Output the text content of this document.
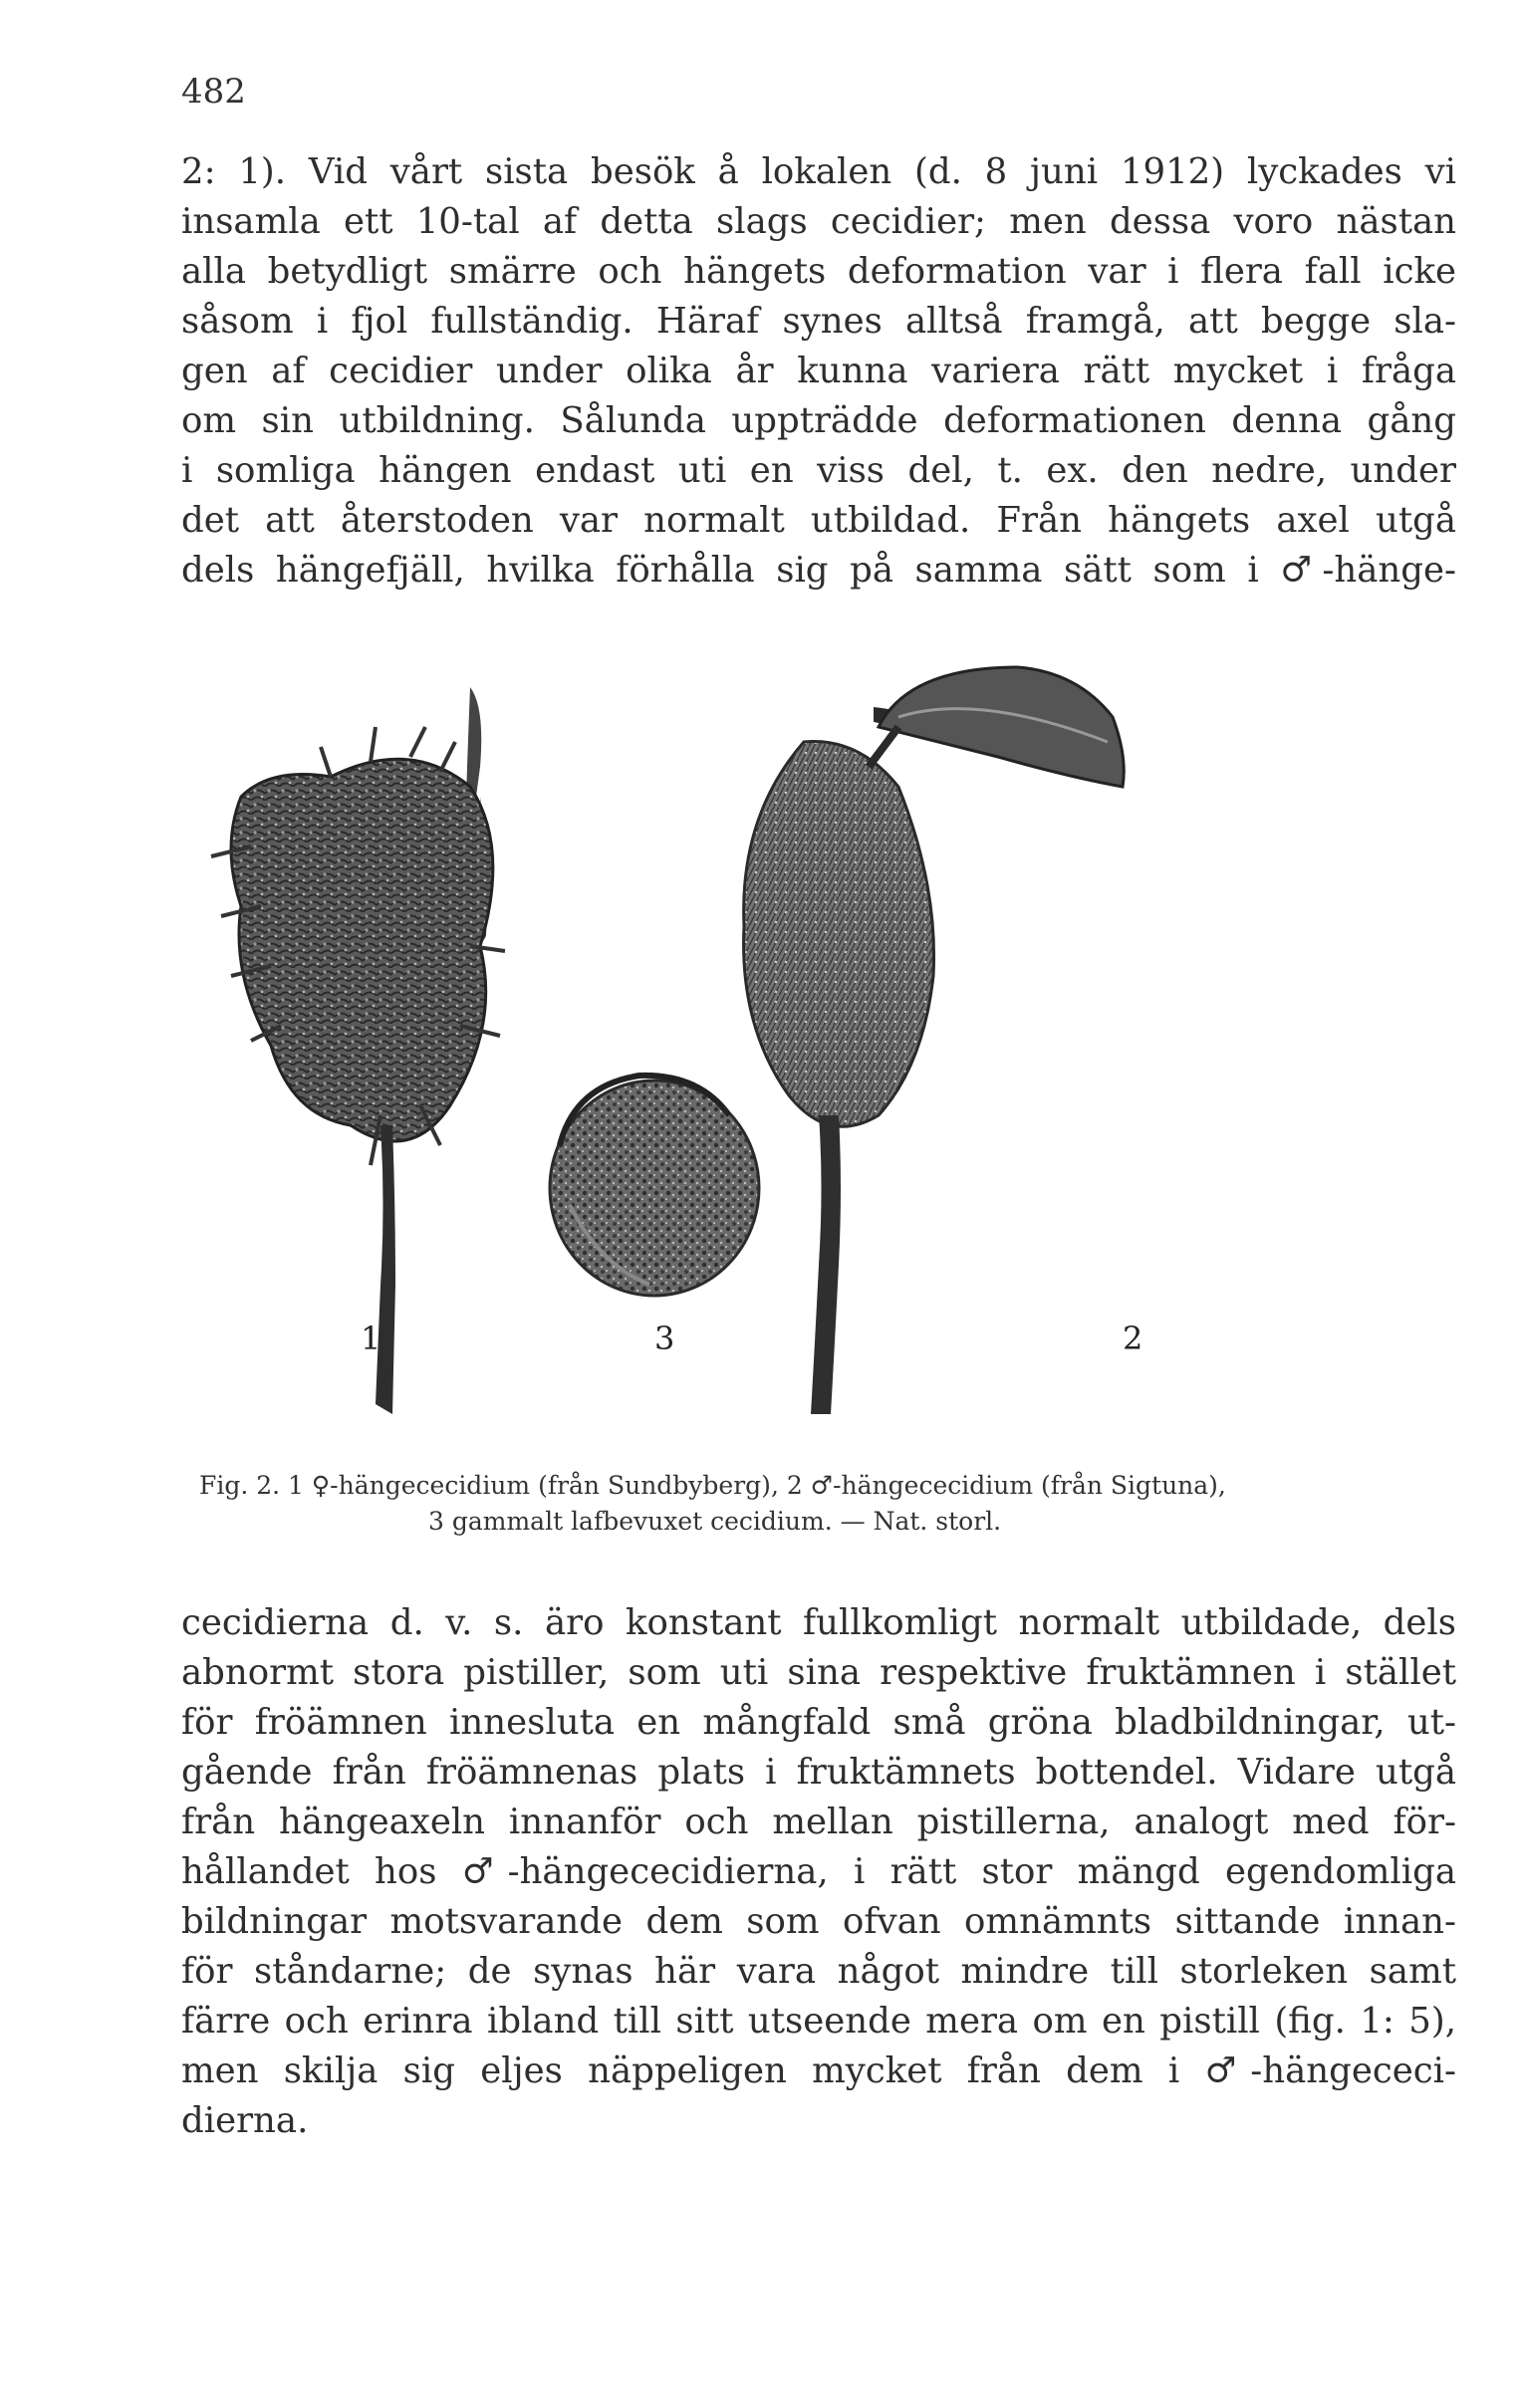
482
2: 1). Vid vårt sista besök å lokalen (d. 8 juni 1912) lyckades vi
insamla ett 10-tal af detta slags cecidier; men dessa voro nästan
alla betydligt smärre och hängets deformation var i flera fall icke
såsom i fjol fullständig. Häraf synes alltså framgå, att begge sla-
gen af cecidier under olika år kunna variera rätt mycket i fråga
om sin utbildning. Sålunda uppträdde deformationen denna gång
i somliga hängen endast uti en viss del, t. ex. den nedre, under
det att återstoden var normalt utbildad. Från hängets axel utgå
dels hängefjäll, hvilka förhålla sig på samma sätt som i ♂-hänge-
1	3	2
Fig. 2. 1 ♀-hängececidium (från Sundbyberg), 2 ♂-hängececidium (från Sigtuna),
3 gammalt lafbevuxet cecidium. — Nat. storl.
cecidierna d. v. s. äro konstant fullkomligt normalt utbildade, dels
abnormt stora pistiller, som uti sina respektive fruktämnen i stället
för fröämnen innesluta en mångfald små gröna bladbildningar, ut-
gående från fröämnenas plats i fruktämnets bottendel. Vidare utgå
från hängeaxeln innanför och mellan pistillerna, analogt med för-
hållandet hos ♂-hängececidierna, i rätt stor mängd egendomliga
bildningar motsvarande dem som ofvan omnämnts sittande innan-
för ståndarne; de synas här vara något mindre till storleken samt
färre och erinra ibland till sitt utseende mera om en pistill (fig. 1: 5),
men skilja sig eljes näppeligen mycket från dem i ♂-hängececi-
dierna.
